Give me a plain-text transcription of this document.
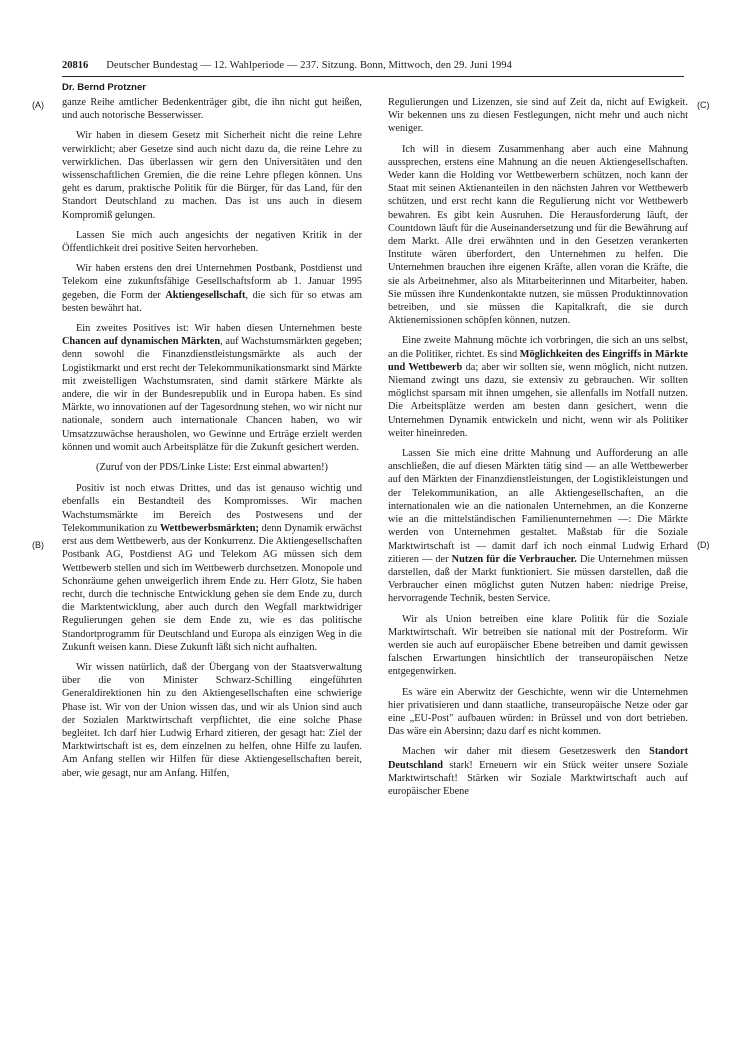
20816 Deutscher Bundestag — 12. Wahlperiode — 237. Sitzung. Bonn, Mittwoch, den 29. Juni 1994
Dr. Bernd Protzner
(A)
(B)
(C)
(D)

ganze Reihe amtlicher Bedenkenträger gibt, die ihn nicht gut heißen, und auch notorische Besserwisser.

Wir haben in diesem Gesetz mit Sicherheit nicht die reine Lehre verwirklicht; aber Gesetze sind auch nicht dazu da, die reine Lehre zu verwirklichen. Das überlassen wir gern den Universitäten und den wissenschaftlichen Gremien, die die reine Lehre pflegen können. Uns geht es darum, praktische Politik für die Bürger, für das Land, für den Standort Deutschland zu machen. Das ist uns auch in diesem Kompromiß gelungen.

Lassen Sie mich auch angesichts der negativen Kritik in der Öffentlichkeit drei positive Seiten hervorheben.

Wir haben erstens den drei Unternehmen Postbank, Postdienst und Telekom eine zukunftsfähige Gesellschaftsform ab 1. Januar 1995 gegeben, die Form der Aktiengesellschaft, die sich für so etwas am besten bewährt hat.

Ein zweites Positives ist: Wir haben diesen Unternehmen beste Chancen auf dynamischen Märkten, auf Wachstumsmärkten gegeben; denn sowohl die Finanzdienstleistungsmärkte als auch der Logistikmarkt und erst recht der Telekommunikationsmarkt sind Märkte mit zweistelligen Wachstumsraten, sind damit stärkere Märkte als andere, die wir in der Bundesrepublik und in Europa haben. Es sind Märkte, wo innovationen auf der Tagesordnung stehen, wo wir nicht nur nationale, sondern auch internationale Chancen haben, wo wir Umsatzzuwächse herausholen, wo Gewinne und Erträge erzielt werden können und womit auch Arbeitsplätze für die Zukunft gesichert werden.

(Zuruf von der PDS/Linke Liste: Erst einmal abwarten!)

Positiv ist noch etwas Drittes, und das ist genauso wichtig und ebenfalls ein Bestandteil des Kompromisses. Wir machen Wachstumsmärkte im Bereich des Postwesens und der Telekommunikation zu Wettbewerbsmärkten; denn Dynamik erwächst erst aus dem Wettbewerb, aus der Konkurrenz. Die Aktiengesellschaften Postbank AG, Postdienst AG und Telekom AG müssen sich dem Wettbewerb stellen und sich im Wettbewerb durchsetzen. Monopole und Schonräume gehen unweigerlich ihrem Ende zu. Herr Glotz, Sie haben recht, durch die technische Entwicklung gehen sie dem Ende zu, durch die Marktentwicklung, aber auch durch den Wegfall marktwidriger Regulierungen gehen sie dem Ende zu, wie es das politische Standortprogramm für Deutschland und Europa als einzigen Weg in die Zukunft weisen kann. Diese Zukunft läßt sich nicht aufhalten.

Wir wissen natürlich, daß der Übergang von der Staatsverwaltung über die von Minister Schwarz-Schilling eingeführten Generaldirektionen hin zu den Aktiengesellschaften eine schwierige Phase ist. Wir von der Union wissen das, und wir als Union sind auch der Sozialen Marktwirtschaft verpflichtet, die eine solche Phase begleitet. Ich darf hier Ludwig Erhard zitieren, der gesagt hat: Ziel der Marktwirtschaft ist es, dem einzelnen zu helfen, ohne Hilfe zu laufen. Am Anfang stellen wir Hilfen für diese Aktiengesellschaften bereit, aber, wie gesagt, nur am Anfang. Hilfen,

Regulierungen und Lizenzen, sie sind auf Zeit da, nicht auf Ewigkeit. Wir bekennen uns zu diesen Festlegungen, nicht mehr und auch nicht weniger.

Ich will in diesem Zusammenhang aber auch eine Mahnung aussprechen, erstens eine Mahnung an die neuen Aktiengesellschaften. Weder kann die Holding vor Wettbewerbern schützen, noch kann der Staat mit seinen Aktienanteilen in den nächsten Jahren vor Wettbewerb schützen, und erst recht kann die Regulierung nicht vor Wettbewerb bewahren. Es gibt kein Ausruhen. Die Herausforderung läuft, der Countdown läuft für die Auseinandersetzung und für die Bewährung auf dem Markt. Alle drei erwähnten und in den Gesetzen verankerten Institute wären überfordert, den Unternehmen zu helfen. Die Unternehmen brauchen ihre eigenen Kräfte, allen voran die Kräfte, die sie als Arbeitnehmer, also als Mitarbeiterinnen und Mitarbeiter, haben. Sie müssen ihre Kundenkontakte nutzen, sie müssen Produktinnovation betreiben, und sie müssen die Kapitalkraft, die sie durch Aktienemissionen schöpfen können, nutzen.

Eine zweite Mahnung möchte ich vorbringen, die sich an uns selbst, an die Politiker, richtet. Es sind Möglichkeiten des Eingriffs in Märkte und Wettbewerb da; aber wir sollten sie, wenn möglich, nicht nutzen. Niemand zwingt uns dazu, sie extensiv zu gebrauchen. Wir sollten möglichst sparsam mit ihnen umgehen, sie allenfalls im Notfall nutzen. Die Arbeitsplätze werden am besten dann gesichert, wenn die Unternehmen Dynamik entwickeln und nicht, wenn wir als Politiker weiter hineinreden.

Lassen Sie mich eine dritte Mahnung und Aufforderung an alle anschließen, die auf diesen Märkten tätig sind — an alle Wettbewerber auf den Märkten der Finanzdienstleistungen, der Logistikleistungen und der Telekommunikation, an alle Aktiengesellschaften, an die internationalen wie an die nationalen Unternehmen, an die Konzerne wie an die mittelständischen Familienunternehmen —: Die Märkte werden von Unternehmen gestaltet. Maßstab für die Soziale Marktwirtschaft ist — damit darf ich noch einmal Ludwig Erhard zitieren — der Nutzen für die Verbraucher. Die Unternehmen müssen darstellen, daß der Markt funktioniert. Sie müssen darstellen, daß die Verbraucher einen möglichst guten Nutzen haben: niedrige Preise, hervorragende Technik, besten Service.

Wir als Union betreiben eine klare Politik für die Soziale Marktwirtschaft. Wir betreiben sie national mit der Postreform. Wir werden sie auch auf europäischer Ebene betreiben und damit gewissen falschen Erwartungen hinsichtlich der transeuropäischen Netze entgegenwirken.

Es wäre ein Aberwitz der Geschichte, wenn wir die Unternehmen hier privatisieren und dann staatliche, transeuropäische Netze oder gar eine „EU-Post" aufbauen würden: in Brüssel und von dort betrieben. Das wäre ein Abersinn; dazu darf es nicht kommen.

Machen wir daher mit diesem Gesetzeswerk den Standort Deutschland stark! Erneuern wir ein Stück weiter unsere Soziale Marktwirtschaft! Stärken wir Soziale Marktwirtschaft auch auf europäischer Ebene
